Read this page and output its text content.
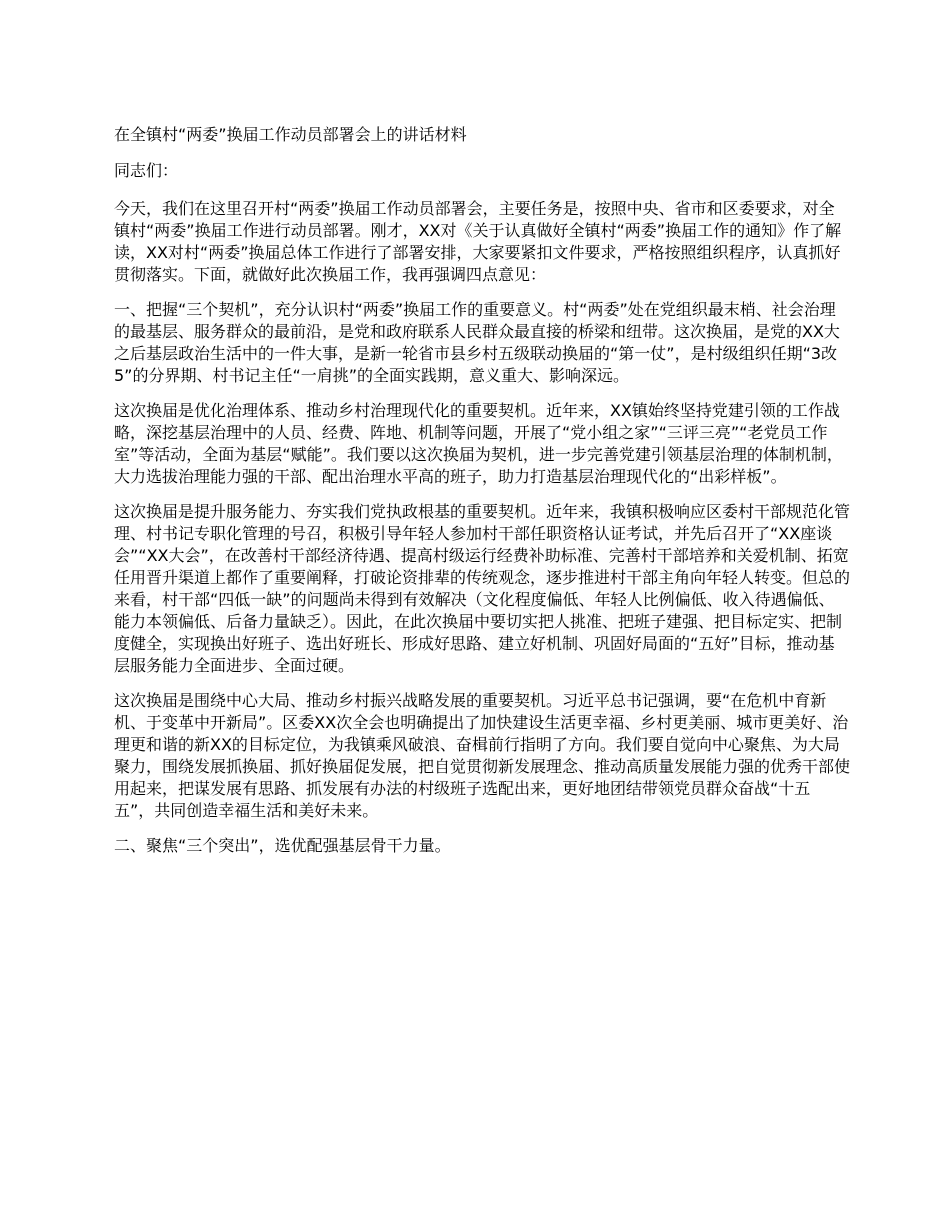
在全镇村“两委”换届工作动员部署会上的讲话材料

同志们：

今天，我们在这里召开村“两委”换届工作动员部署会，主要任务是，按照中央、省市和区委要求，对全镇村“两委”换届工作进行动员部署。刚才，XX对《关于认真做好全镇村“两委”换届工作的通知》作了解读，XX对村“两委”换届总体工作进行了部署安排，大家要紧扣文件要求，严格按照组织程序，认真抓好贯彻落实。下面，就做好此次换届工作，我再强调四点意见：

一、把握“三个契机”，充分认识村“两委”换届工作的重要意义。村“两委”处在党组织最末梢、社会治理的最基层、服务群众的最前沿，是党和政府联系人民群众最直接的桥梁和纽带。这次换届，是党的XX大之后基层政治生活中的一件大事，是新一轮省市县乡村五级联动换届的“第一仗”，是村级组织任期“3改5”的分界期、村书记主任“一肩挑”的全面实践期，意义重大、影响深远。

这次换届是优化治理体系、推动乡村治理现代化的重要契机。近年来，XX镇始终坚持党建引领的工作战略，深挖基层治理中的人员、经费、阵地、机制等问题，开展了“党小组之家”“三评三亮”“老党员工作室”等活动，全面为基层“赋能”。我们要以这次换届为契机，进一步完善党建引领基层治理的体制机制，大力选拔治理能力强的干部、配出治理水平高的班子，助力打造基层治理现代化的“出彩样板”。

这次换届是提升服务能力、夯实我们党执政根基的重要契机。近年来，我镇积极响应区委村干部规范化管理、村书记专职化管理的号召，积极引导年轻人参加村干部任职资格认证考试，并先后召开了“XX座谈会”“XX大会”，在改善村干部经济待遇、提高村级运行经费补助标准、完善村干部培养和关爱机制、拓宽任用晋升渠道上都作了重要阐释，打破论资排辈的传统观念，逐步推进村干部主角向年轻人转变。但总的来看，村干部“四低一缺”的问题尚未得到有效解决（文化程度偏低、年轻人比例偏低、收入待遇偏低、能力本领偏低、后备力量缺乏）。因此，在此次换届中要切实把人挑准、把班子建强、把目标定实、把制度健全，实现换出好班子、选出好班长、形成好思路、建立好机制、巩固好局面的“五好”目标，推动基层服务能力全面进步、全面过硬。

这次换届是围绕中心大局、推动乡村振兴战略发展的重要契机。习近平总书记强调，要“在危机中育新机、于变革中开新局”。区委XX次全会也明确提出了加快建设生活更幸福、乡村更美丽、城市更美好、治理更和谐的新XX的目标定位，为我镇乘风破浪、奋楫前行指明了方向。我们要自觉向中心聚焦、为大局聚力，围绕发展抓换届、抓好换届促发展，把自觉贯彻新发展理念、推动高质量发展能力强的优秀干部使用起来，把谋发展有思路、抓发展有办法的村级班子选配出来，更好地团结带领党员群众奋战“十五五”，共同创造幸福生活和美好未来。

二、聚焦“三个突出”，选优配强基层骨干力量。
